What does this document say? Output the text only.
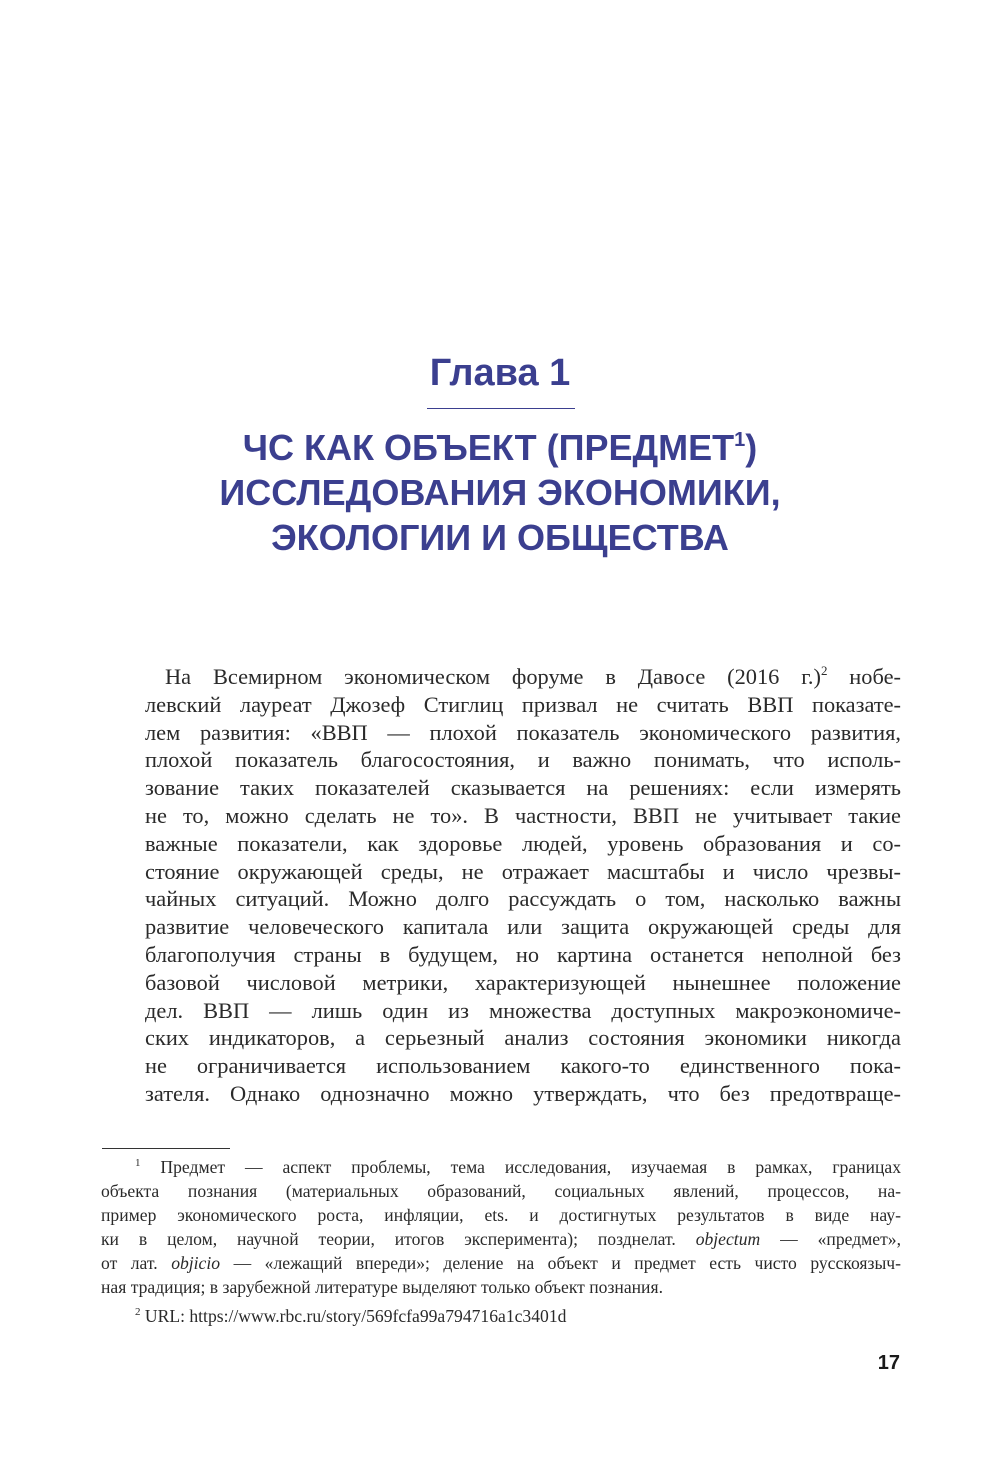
Глава 1
ЧС КАК ОБЪЕКТ (ПРЕДМЕТ$^1$)
ИССЛЕДОВАНИЯ ЭКОНОМИКИ,
ЭКОЛОГИИ И ОБЩЕСТВА
На Всемирном экономическом форуме в Давосе (2016 г.)$^2$ нобе-
левский лауреат Джозеф Стиглиц призвал не считать ВВП показате-
лем развития: «ВВП — плохой показатель экономического развития,
плохой показатель благосостояния, и важно понимать, что исполь-
зование таких показателей сказывается на решениях: если измерять
не то, можно сделать не то». В частности, ВВП не учитывает такие
важные показатели, как здоровье людей, уровень образования и со-
стояние окружающей среды, не отражает масштабы и число чрезвы-
чайных ситуаций. Можно долго рассуждать о том, насколько важны
развитие человеческого капитала или защита окружающей среды для
благополучия страны в будущем, но картина останется неполной без
базовой числовой метрики, характеризующей нынешнее положение
дел. ВВП — лишь один из множества доступных макроэкономиче-
ских индикаторов, а серьезный анализ состояния экономики никогда
не ограничивается использованием какого-то единственного пока-
зателя. Однако однозначно можно утверждать, что без предотвраще-
$^1$ Предмет — аспект проблемы, тема исследования, изучаемая в рамках, границах
объекта познания (материальных образований, социальных явлений, процессов, на-
пример экономического роста, инфляции, ets. и достигнутых результатов в виде нау-
ки в целом, научной теории, итогов эксперимента); позднелат. objectum — «предмет»,
от лат. objicio — «лежащий впереди»; деление на объект и предмет есть чисто русскоязыч-
ная традиция; в зарубежной литературе выделяют только объект познания.
$^2$ URL: https://www.rbc.ru/story/569fcfa99a794716a1c3401d
17
